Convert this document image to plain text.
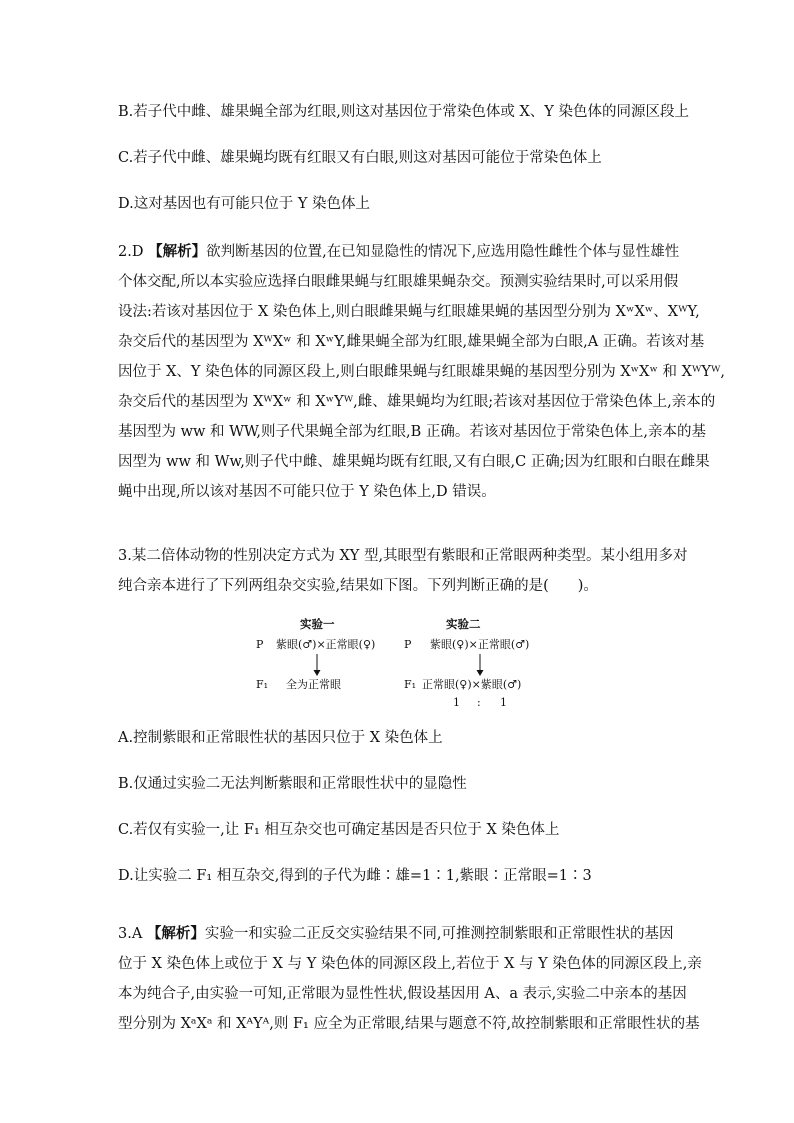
B.若子代中雌、雄果蝇全部为红眼,则这对基因位于常染色体或 X、Y 染色体的同源区段上
C.若子代中雌、雄果蝇均既有红眼又有白眼,则这对基因可能位于常染色体上
D.这对基因也有可能只位于 Y 染色体上
2.D 【解析】欲判断基因的位置,在已知显隐性的情况下,应选用隐性雌性个体与显性雄性
个体交配,所以本实验应选择白眼雌果蝇与红眼雄果蝇杂交。预测实验结果时,可以采用假
设法:若该对基因位于 X 染色体上,则白眼雌果蝇与红眼雄果蝇的基因型分别为 XʷXʷ、XᵂY,
杂交后代的基因型为 XᵂXʷ 和 XʷY,雌果蝇全部为红眼,雄果蝇全部为白眼,A 正确。若该对基
因位于 X、Y 染色体的同源区段上,则白眼雌果蝇与红眼雄果蝇的基因型分别为 XʷXʷ 和 XᵂYᵂ,
杂交后代的基因型为 XᵂXʷ 和 XʷYᵂ,雌、雄果蝇均为红眼;若该对基因位于常染色体上,亲本的
基因型为 ww 和 WW,则子代果蝇全部为红眼,B 正确。若该对基因位于常染色体上,亲本的基
因型为 ww 和 Ww,则子代中雌、雄果蝇均既有红眼,又有白眼,C 正确;因为红眼和白眼在雌果
蝇中出现,所以该对基因不可能只位于 Y 染色体上,D 错误。
3.某二倍体动物的性别决定方式为 XY 型,其眼型有紫眼和正常眼两种类型。某小组用多对
纯合亲本进行了下列两组杂交实验,结果如下图。下列判断正确的是(　　)。
实验一
P 紫眼(♂)×正常眼(♀)
F₁ 全为正常眼
实验二
P 紫眼(♀)×正常眼(♂)
F₁ 正常眼(♀)×紫眼(♂)
1 : 1
A.控制紫眼和正常眼性状的基因只位于 X 染色体上
B.仅通过实验二无法判断紫眼和正常眼性状中的显隐性
C.若仅有实验一,让 F₁ 相互杂交也可确定基因是否只位于 X 染色体上
D.让实验二 F₁ 相互杂交,得到的子代为雌∶雄=1∶1,紫眼∶正常眼=1∶3
3.A 【解析】实验一和实验二正反交实验结果不同,可推测控制紫眼和正常眼性状的基因
位于 X 染色体上或位于 X 与 Y 染色体的同源区段上,若位于 X 与 Y 染色体的同源区段上,亲
本为纯合子,由实验一可知,正常眼为显性性状,假设基因用 A、a 表示,实验二中亲本的基因
型分别为 XᵃXᵃ 和 XᴬYᴬ,则 F₁ 应全为正常眼,结果与题意不符,故控制紫眼和正常眼性状的基
